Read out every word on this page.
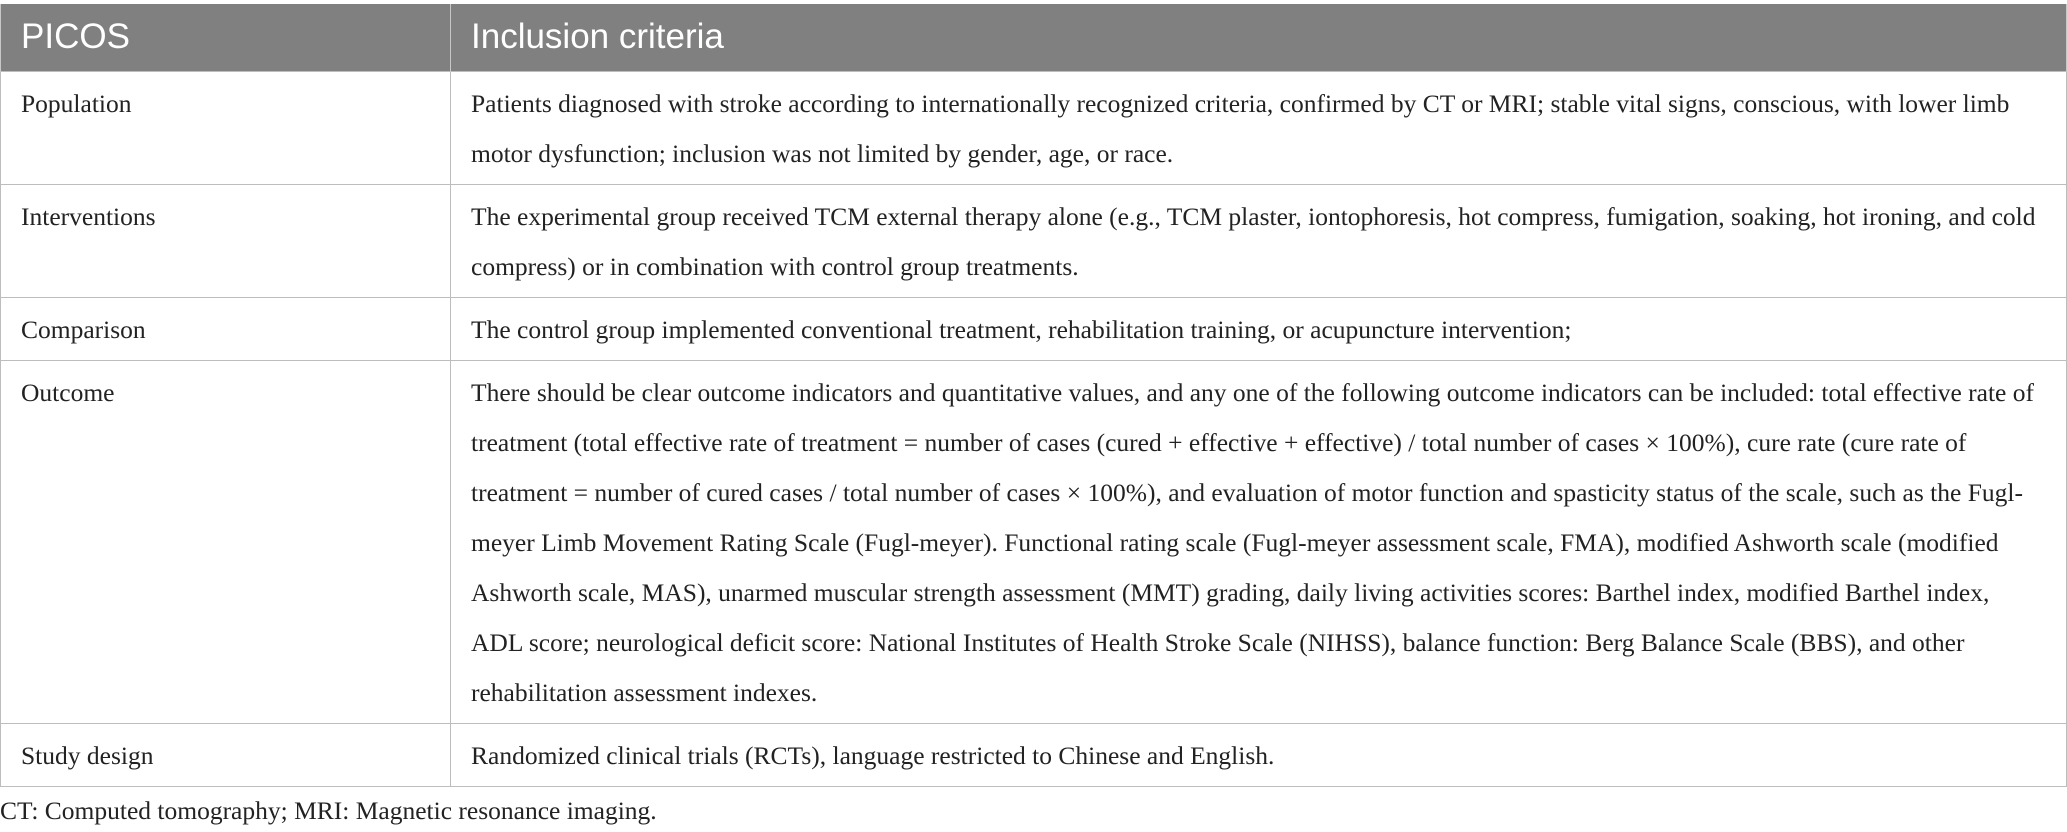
PICOS	Inclusion criteria
Population	Patients diagnosed with stroke according to internationally recognized criteria, confirmed by CT or MRI; stable vital signs, conscious, with lower limb motor dysfunction; inclusion was not limited by gender, age, or race.
Interventions	The experimental group received TCM external therapy alone (e.g., TCM plaster, iontophoresis, hot compress, fumigation, soaking, hot ironing, and cold compress) or in combination with control group treatments.
Comparison	The control group implemented conventional treatment, rehabilitation training, or acupuncture intervention;
Outcome	There should be clear outcome indicators and quantitative values, and any one of the following outcome indicators can be included: total effective rate of treatment (total effective rate of treatment = number of cases (cured + effective + effective) / total number of cases × 100%), cure rate (cure rate of treatment = number of cured cases / total number of cases × 100%), and evaluation of motor function and spasticity status of the scale, such as the Fugl-meyer Limb Movement Rating Scale (Fugl-meyer). Functional rating scale (Fugl-meyer assessment scale, FMA), modified Ashworth scale (modified Ashworth scale, MAS), unarmed muscular strength assessment (MMT) grading, daily living activities scores: Barthel index, modified Barthel index, ADL score; neurological deficit score: National Institutes of Health Stroke Scale (NIHSS), balance function: Berg Balance Scale (BBS), and other rehabilitation assessment indexes.
Study design	Randomized clinical trials (RCTs), language restricted to Chinese and English.

CT: Computed tomography; MRI: Magnetic resonance imaging.
